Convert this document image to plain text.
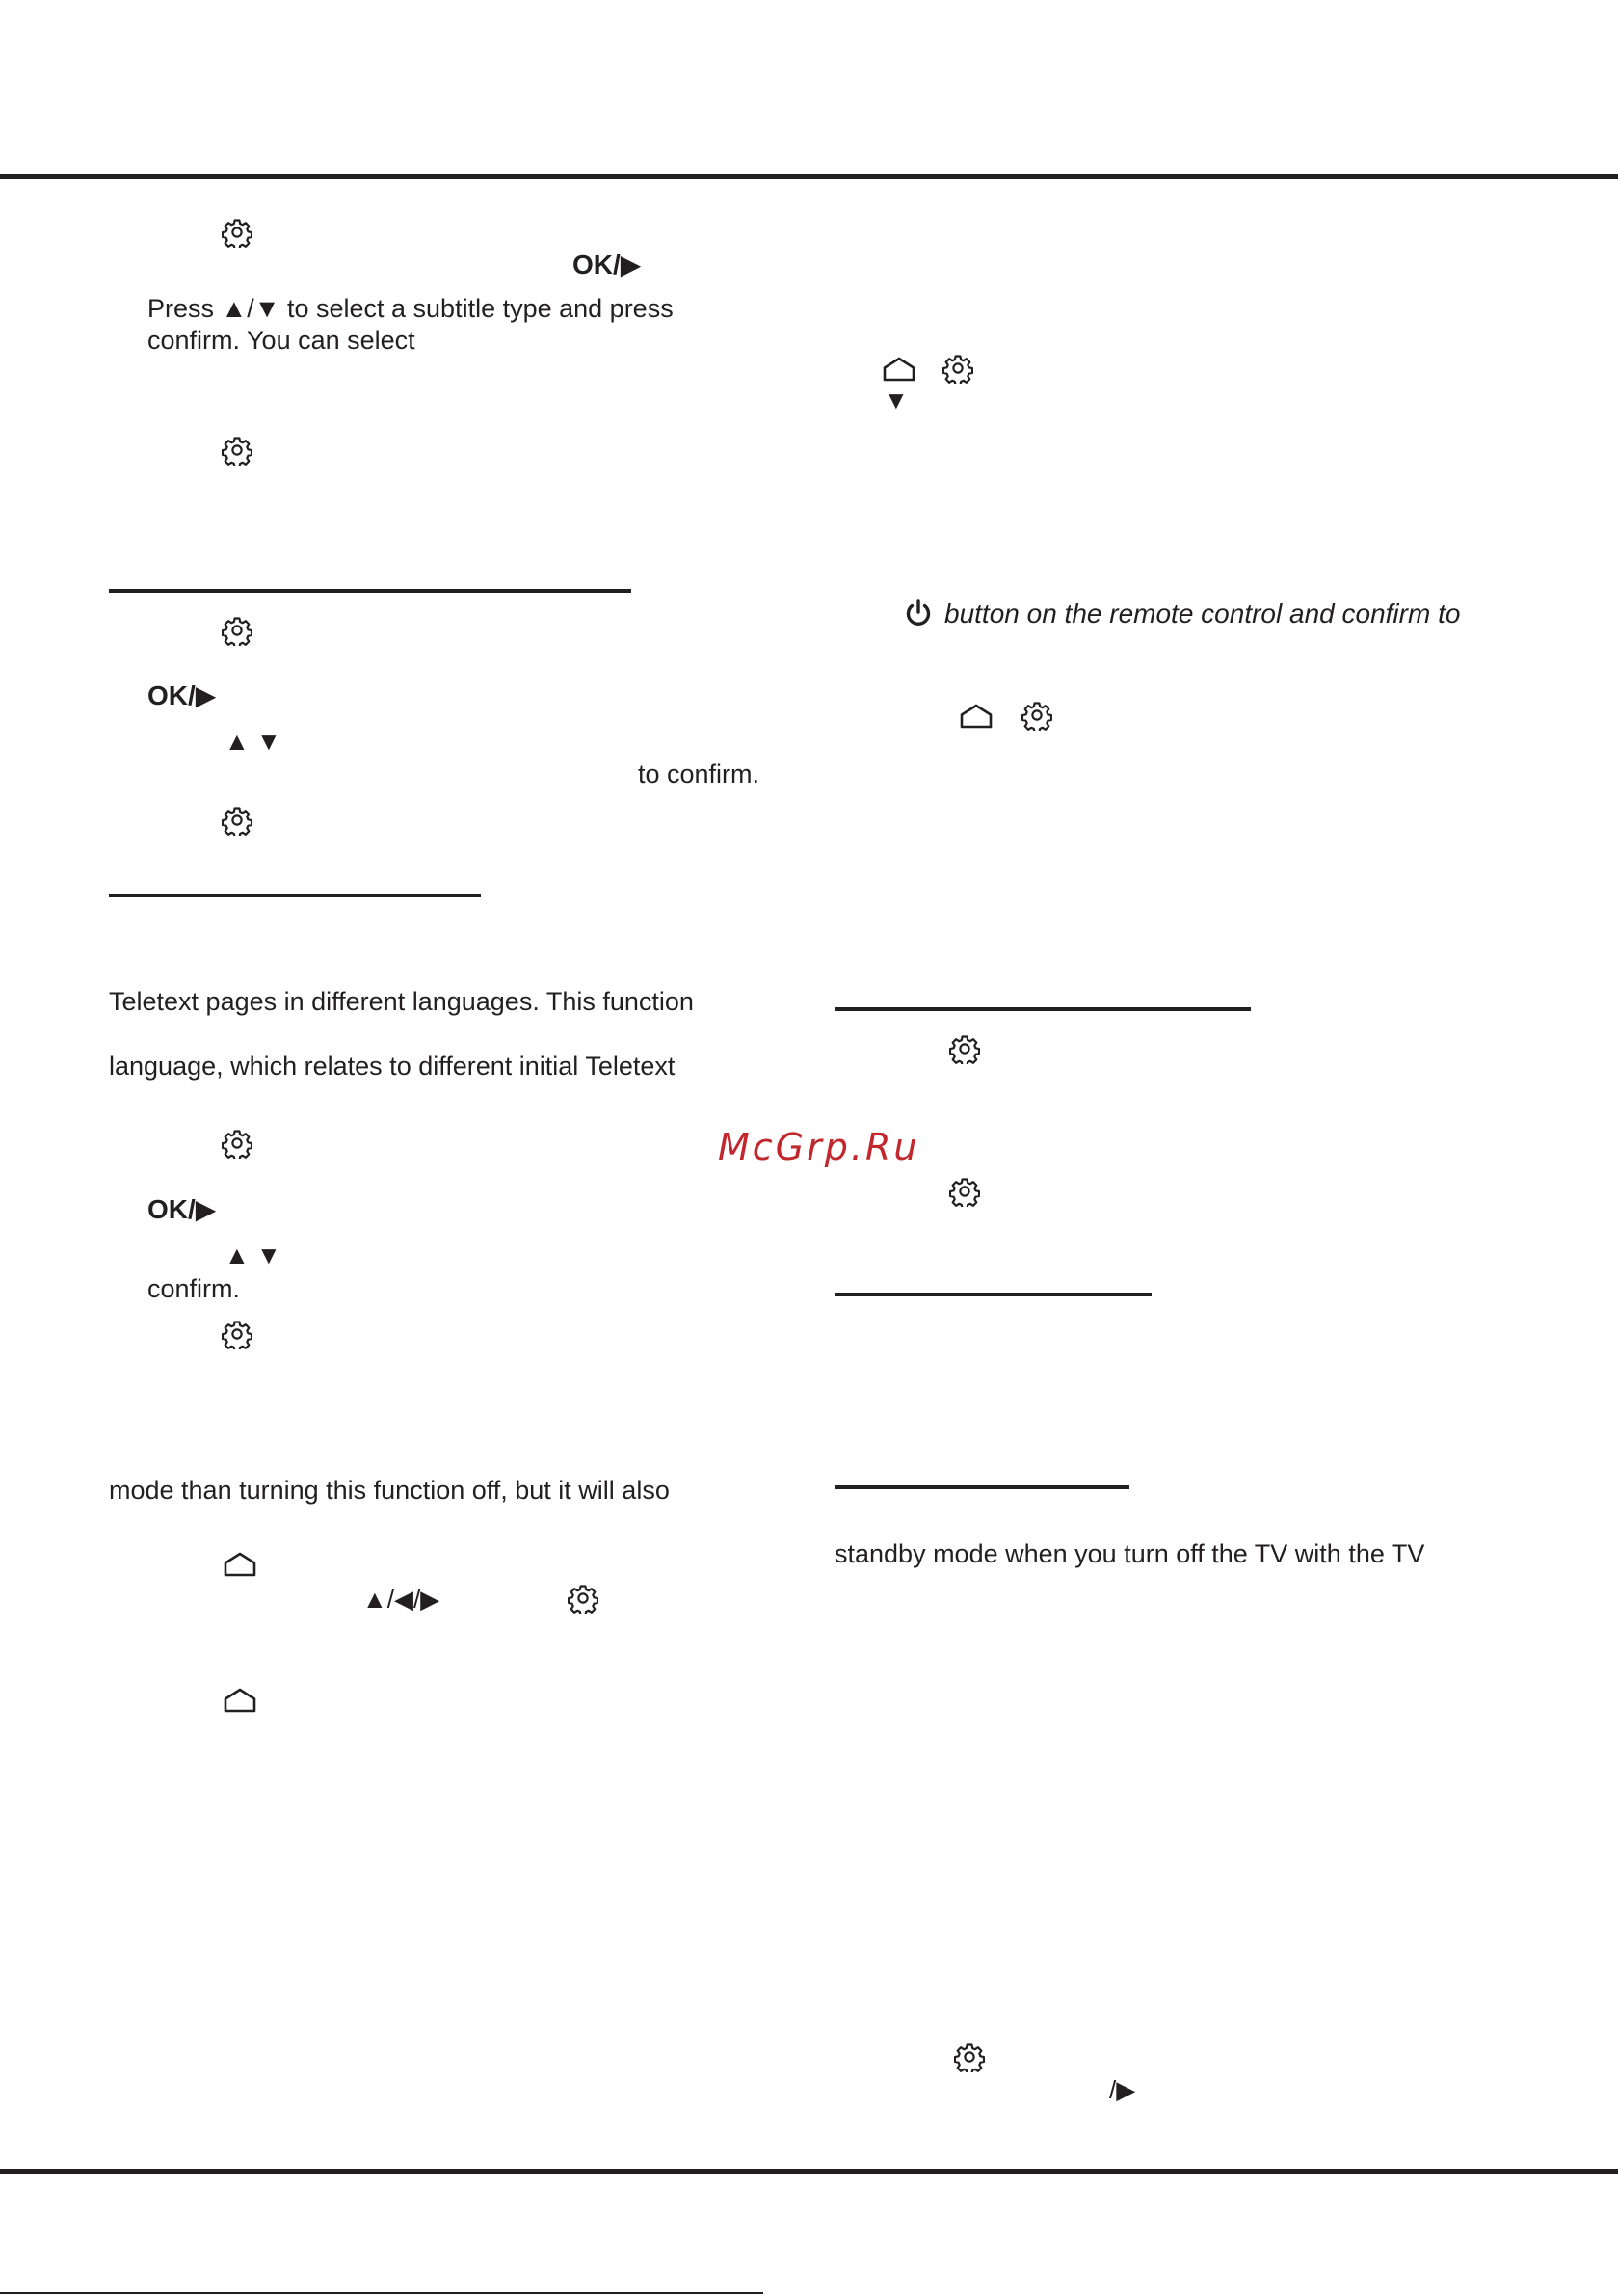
OK/▶
Press ▲/▼ to select a subtitle type and press
confirm. You can select
OK/▶
▲ ▼
to confirm.
Teletext pages in different languages. This function
language, which relates to different initial Teletext
OK/▶
▲ ▼
confirm.
mode than turning this function off, but it will also
▲/◀/▶
▼
button on the remote control and confirm to
standby mode when you turn off the TV with the TV
/▶
McGrp.Ru
